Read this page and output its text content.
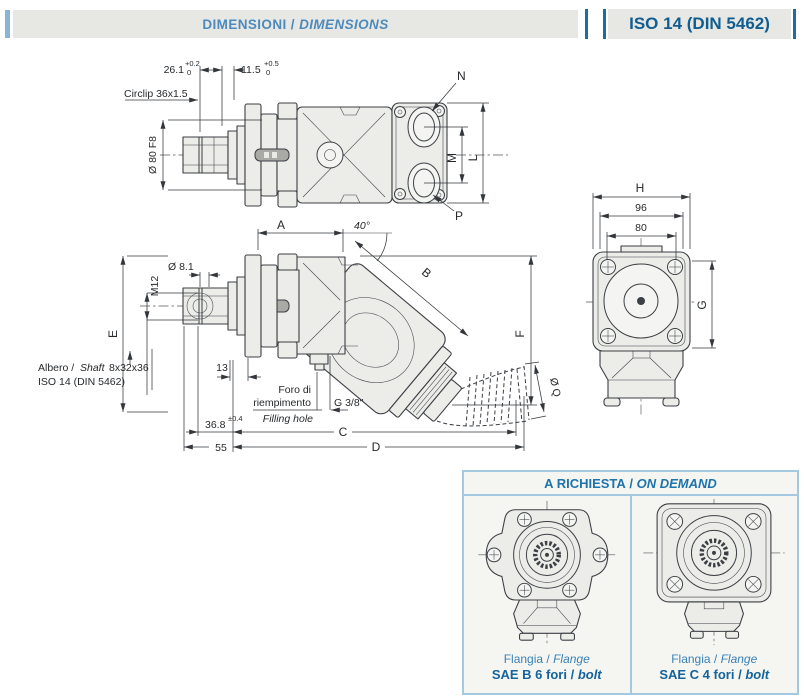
DIMENSIONI / DIMENSIONS	ISO 14 (DIN 5462)
Ø 80 F8
26.1
+0.2
0	11.5
+0.5
0
Circlip 36x1.5
N
P
M L
H
96
80
G
E
M12
Ø 8.1
A	40°
B
F
13
Foro di
riempimento
Filling hole
G 3/8"
36.8
±0.4
C
55	D
Ø Q
Albero / Shaft 8x32x36
ISO 14 (DIN 5462)
A RICHIESTA / ON DEMAND
Flangia / Flange
SAE B 6 fori / bolt
Flangia / Flange
SAE C 4 fori / bolt
